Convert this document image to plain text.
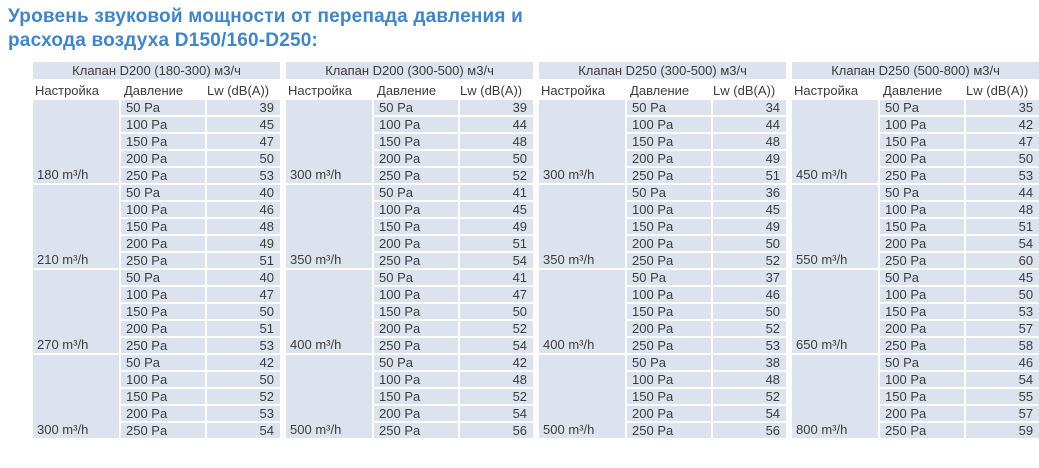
Уровень звуковой мощности от перепада давления и расхода воздуха D150/160-D250:
Клапан D200 (180-300) м3/ч		
Настройка	Давление	Lw (dB(A))
180 m³/h	50 Pa	39
	100 Pa	45
	150 Pa	47
	200 Pa	50
	250 Pa	53
210 m³/h	50 Pa	40
	100 Pa	46
	150 Pa	48
	200 Pa	49
	250 Pa	51
270 m³/h	50 Pa	40
	100 Pa	47
	150 Pa	50
	200 Pa	51
	250 Pa	53
300 m³/h	50 Pa	42
	100 Pa	50
	150 Pa	52
	200 Pa	53
	250 Pa	54
Клапан D200 (300-500) м3/ч		
Настройка	Давление	Lw (dB(A))
300 m³/h	50 Pa	39
	100 Pa	44
	150 Pa	48
	200 Pa	50
	250 Pa	52
350 m³/h	50 Pa	41
	100 Pa	45
	150 Pa	49
	200 Pa	51
	250 Pa	54
400 m³/h	50 Pa	41
	100 Pa	47
	150 Pa	50
	200 Pa	52
	250 Pa	54
500 m³/h	50 Pa	42
	100 Pa	48
	150 Pa	52
	200 Pa	54
	250 Pa	56
Клапан D250 (300-500) м3/ч		
Настройка	Давление	Lw (dB(A))
300 m³/h	50 Pa	34
	100 Pa	44
	150 Pa	48
	200 Pa	49
	250 Pa	51
350 m³/h	50 Pa	36
	100 Pa	45
	150 Pa	49
	200 Pa	50
	250 Pa	52
400 m³/h	50 Pa	37
	100 Pa	46
	150 Pa	50
	200 Pa	52
	250 Pa	53
500 m³/h	50 Pa	38
	100 Pa	48
	150 Pa	52
	200 Pa	54
	250 Pa	56
Клапан D250 (500-800) м3/ч		
Настройка	Давление	Lw (dB(A))
450 m³/h	50 Pa	35
	100 Pa	42
	150 Pa	47
	200 Pa	50
	250 Pa	53
550 m³/h	50 Pa	44
	100 Pa	48
	150 Pa	51
	200 Pa	54
	250 Pa	60
650 m³/h	50 Pa	45
	100 Pa	50
	150 Pa	53
	200 Pa	57
	250 Pa	58
800 m³/h	50 Pa	46
	100 Pa	54
	150 Pa	55
	200 Pa	57
	250 Pa	59
